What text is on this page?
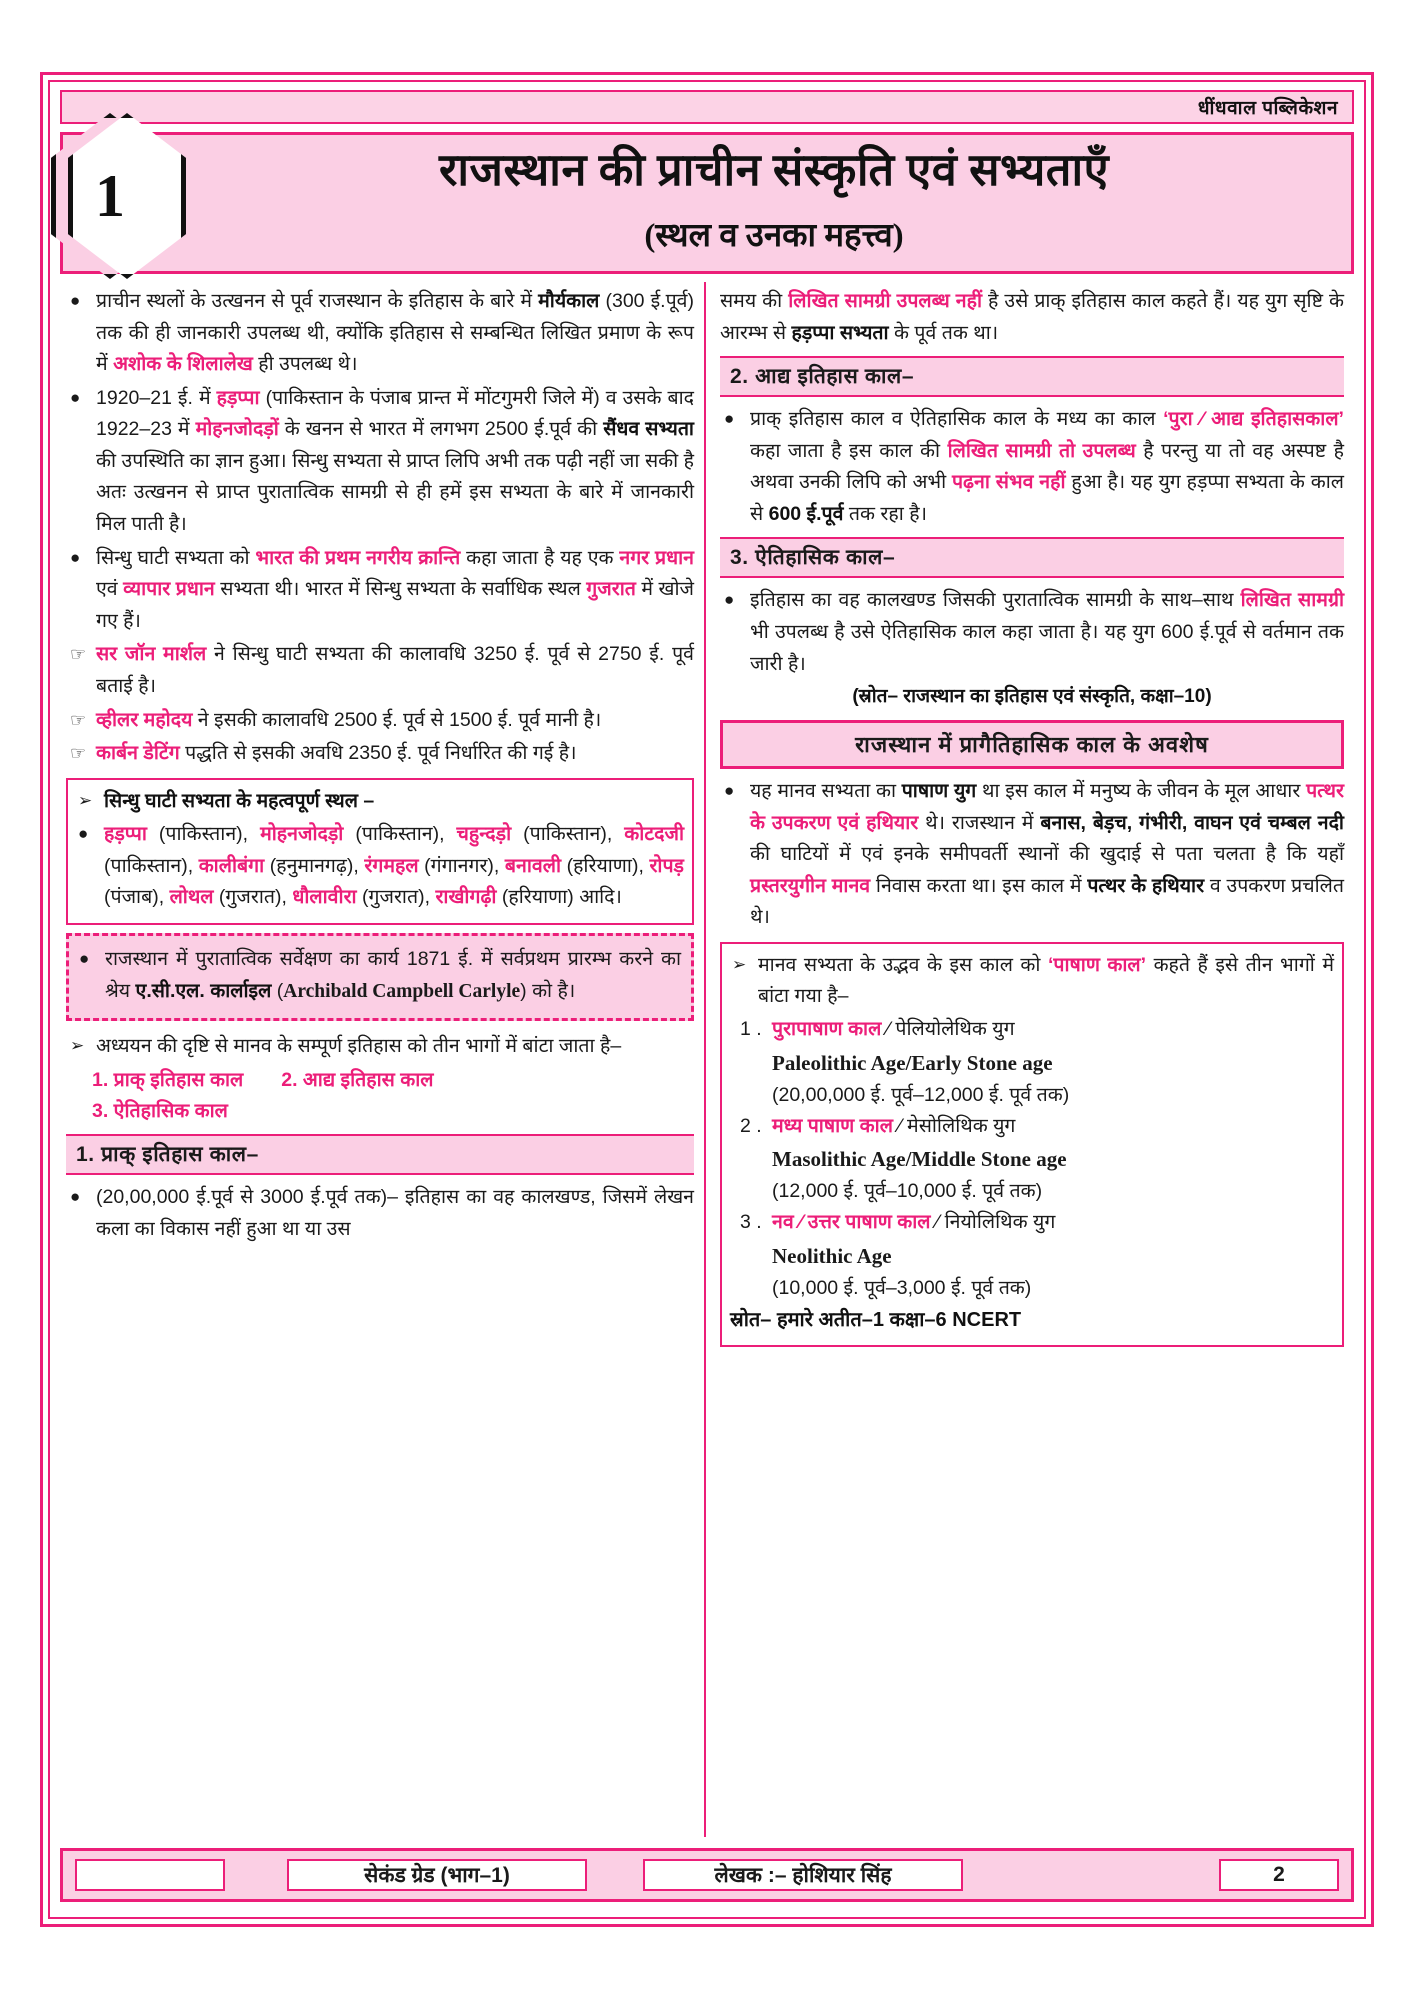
धींधवाल पब्लिकेशन
1	राजस्थान की प्राचीन संस्कृति एवं सभ्यताएँ
(स्थल व उनका महत्त्व)
● प्राचीन स्थलों के उत्खनन से पूर्व राजस्थान के इतिहास के बारे में मौर्यकाल (300 ई.पूर्व) तक की ही जानकारी उपलब्ध थी, क्योंकि इतिहास से सम्बन्धित लिखित प्रमाण के रूप में अशोक के शिलालेख ही उपलब्ध थे।
● 1920–21 ई. में हड़प्पा (पाकिस्तान के पंजाब प्रान्त में मोंटगुमरी जिले में) व उसके बाद 1922–23 में मोहनजोदड़ों के खनन से भारत में लगभग 2500 ई.पूर्व की सैंधव सभ्यता की उपस्थिति का ज्ञान हुआ। सिन्धु सभ्यता से प्राप्त लिपि अभी तक पढ़ी नहीं जा सकी है अतः उत्खनन से प्राप्त पुरातात्विक सामग्री से ही हमें इस सभ्यता के बारे में जानकारी मिल पाती है।
● सिन्धु घाटी सभ्यता को भारत की प्रथम नगरीय क्रान्ति कहा जाता है यह एक नगर प्रधान एवं व्यापार प्रधान सभ्यता थी। भारत में सिन्धु सभ्यता के सर्वाधिक स्थल गुजरात में खोजे गए हैं।
☞ सर जॉन मार्शल ने सिन्धु घाटी सभ्यता की कालावधि 3250 ई. पूर्व से 2750 ई. पूर्व बताई है।
☞ व्हीलर महोदय ने इसकी कालावधि 2500 ई. पूर्व से 1500 ई. पूर्व मानी है।
☞ कार्बन डेटिंग पद्धति से इसकी अवधि 2350 ई. पूर्व निर्धारित की गई है।
➢ सिन्धु घाटी सभ्यता के महत्वपूर्ण स्थल –
● हड़प्पा (पाकिस्तान), मोहनजोदड़ो (पाकिस्तान), चहुन्दड़ो (पाकिस्तान), कोटदजी (पाकिस्तान), कालीबंगा (हनुमानगढ़), रंगमहल (गंगानगर), बनावली (हरियाणा), रोपड़ (पंजाब), लोथल (गुजरात), धौलावीरा (गुजरात), राखीगढ़ी (हरियाणा) आदि।
● राजस्थान में पुरातात्विक सर्वेक्षण का कार्य 1871 ई. में सर्वप्रथम प्रारम्भ करने का श्रेय ए.सी.एल. कार्लाइल (Archibald Campbell Carlyle) को है।
➢ अध्ययन की दृष्टि से मानव के सम्पूर्ण इतिहास को तीन भागों में बांटा जाता है–
1. प्राक् इतिहास काल 2. आद्य इतिहास काल
3. ऐतिहासिक काल
1. प्राक् इतिहास काल–
● (20,00,000 ई.पूर्व से 3000 ई.पूर्व तक)– इतिहास का वह कालखण्ड, जिसमें लेखन कला का विकास नहीं हुआ था या उस
समय की लिखित सामग्री उपलब्ध नहीं है उसे प्राक् इतिहास काल कहते हैं। यह युग सृष्टि के आरम्भ से हड़प्पा सभ्यता के पूर्व तक था।
2. आद्य इतिहास काल–
● प्राक् इतिहास काल व ऐतिहासिक काल के मध्य का काल ‘पुरा ⁄ आद्य इतिहासकाल’ कहा जाता है इस काल की लिखित सामग्री तो उपलब्ध है परन्तु या तो वह अस्पष्ट है अथवा उनकी लिपि को अभी पढ़ना संभव नहीं हुआ है। यह युग हड़प्पा सभ्यता के काल से 600 ई.पूर्व तक रहा है।
3. ऐतिहासिक काल–
● इतिहास का वह कालखण्ड जिसकी पुरातात्विक सामग्री के साथ–साथ लिखित सामग्री भी उपलब्ध है उसे ऐतिहासिक काल कहा जाता है। यह युग 600 ई.पूर्व से वर्तमान तक जारी है।
(स्रोत– राजस्थान का इतिहास एवं संस्कृति, कक्षा–10)
राजस्थान में प्रागैतिहासिक काल के अवशेष
● यह मानव सभ्यता का पाषाण युग था इस काल में मनुष्य के जीवन के मूल आधार पत्थर के उपकरण एवं हथियार थे। राजस्थान में बनास, बेड़च, गंभीरी, वाघन एवं चम्बल नदी की घाटियों में एवं इनके समीपवर्ती स्थानों की खुदाई से पता चलता है कि यहाँ प्रस्तरयुगीन मानव निवास करता था। इस काल में पत्थर के हथियार व उपकरण प्रचलित थे।
➢ मानव सभ्यता के उद्भव के इस काल को ‘पाषाण काल’ कहते हैं इसे तीन भागों में बांटा गया है–
1 . पुरापाषाण काल ⁄ पेलियोलेथिक युग
Paleolithic Age/Early Stone age
(20,00,000 ई. पूर्व–12,000 ई. पूर्व तक)
2 . मध्य पाषाण काल ⁄ मेसोलिथिक युग
Masolithic Age/Middle Stone age
(12,000 ई. पूर्व–10,000 ई. पूर्व तक)
3 . नव ⁄ उत्तर पाषाण काल ⁄ नियोलिथिक युग
Neolithic Age
(10,000 ई. पूर्व–3,000 ई. पूर्व तक)
स्रोत– हमारे अतीत–1 कक्षा–6 NCERT
सेकंड ग्रेड (भाग–1)	लेखक :– होशियार सिंह	2
